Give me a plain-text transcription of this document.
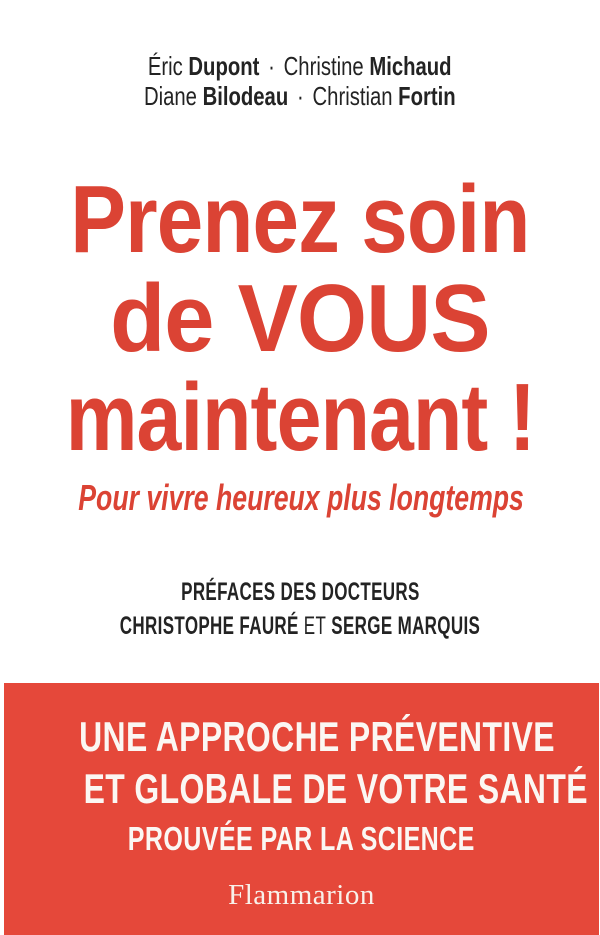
Éric Dupont · Christine Michaud
Diane Bilodeau · Christian Fortin
Prenez soin
de VOUS
maintenant !
Pour vivre heureux plus longtemps
PRÉFACES DES DOCTEURS
CHRISTOPHE FAURÉ ET SERGE MARQUIS
UNE APPROCHE PRÉVENTIVE
ET GLOBALE DE VOTRE SANTÉ
PROUVÉE PAR LA SCIENCE
Flammarion
